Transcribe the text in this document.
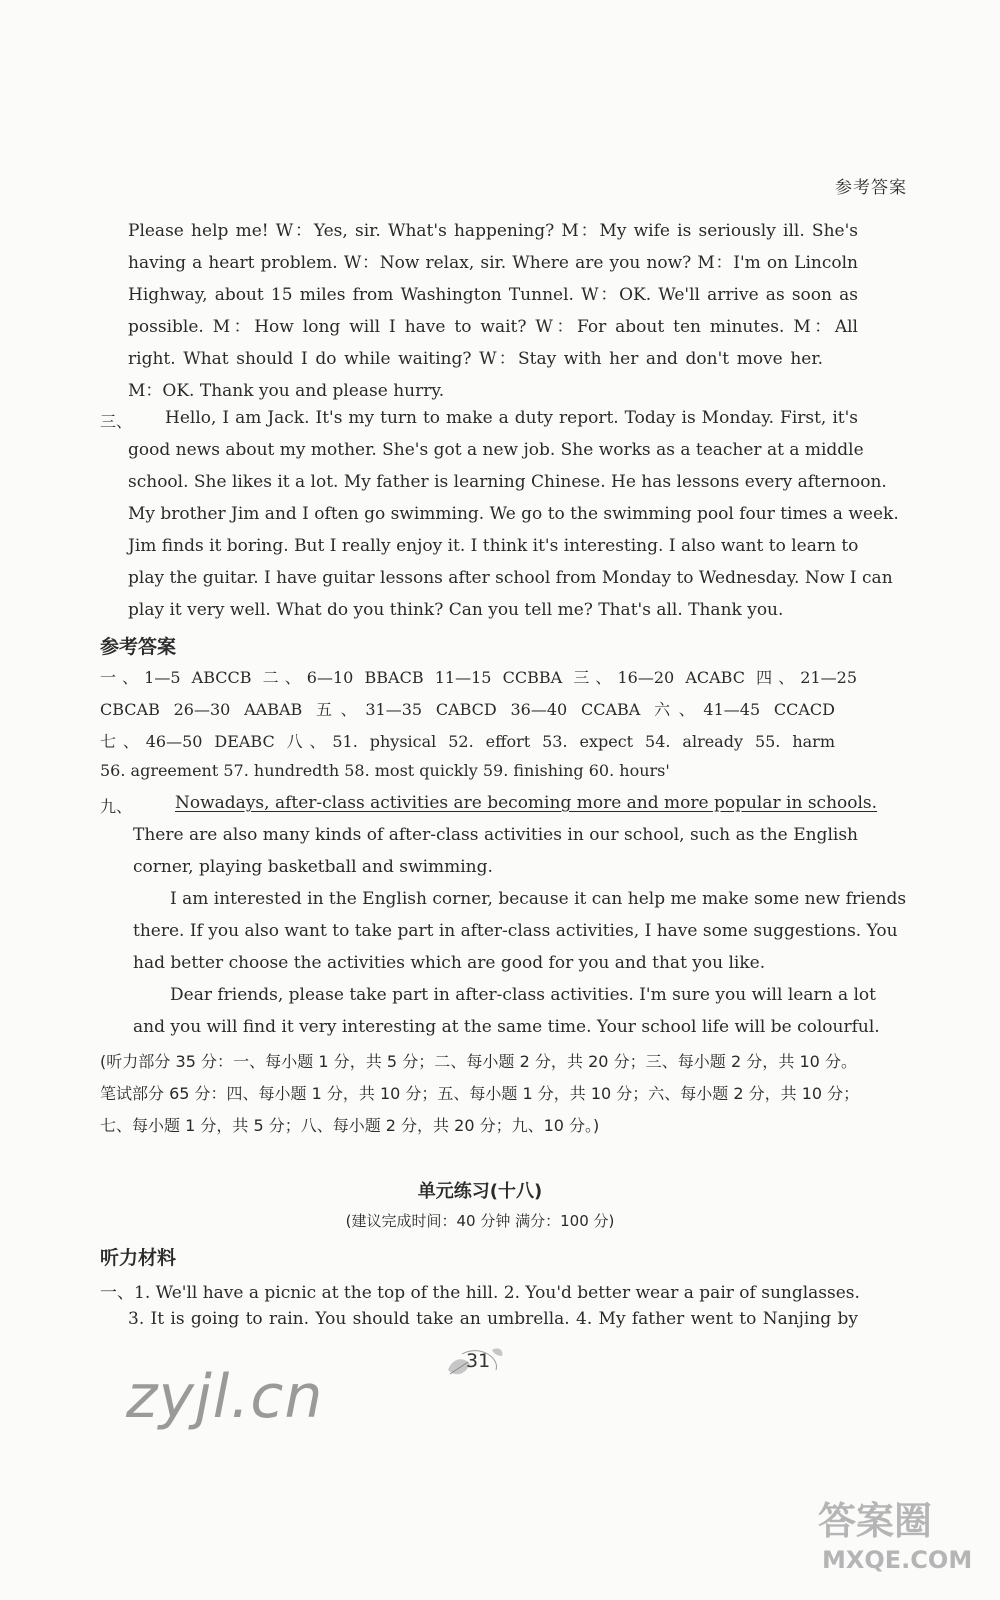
参考答案
Please help me! W：Yes, sir. What's happening? M：My wife is seriously ill. She's
having a heart problem. W：Now relax, sir. Where are you now? M：I'm on Lincoln
Highway, about 15 miles from Washington Tunnel. W：OK. We'll arrive as soon as
possible. M：How long will I have to wait? W：For about ten minutes. M：All
right. What should I do while waiting? W：Stay with her and don't move her.
M：OK. Thank you and please hurry.
三、 Hello, I am Jack. It's my turn to make a duty report. Today is Monday. First, it's
good news about my mother. She's got a new job. She works as a teacher at a middle
school. She likes it a lot. My father is learning Chinese. He has lessons every afternoon.
My brother Jim and I often go swimming. We go to the swimming pool four times a week.
Jim finds it boring. But I really enjoy it. I think it's interesting. I also want to learn to
play the guitar. I have guitar lessons after school from Monday to Wednesday. Now I can
play it very well. What do you think? Can you tell me? That's all. Thank you.
参考答案
一、1—5 ABCCB 二、6—10 BBACB 11—15 CCBBA 三、16—20 ACABC 四、21—25
CBCAB 26—30 AABAB 五、31—35 CABCD 36—40 CCABA 六、41—45 CCACD
七、46—50 DEABC 八、51. physical 52. effort 53. expect 54. already 55. harm
56. agreement 57. hundredth 58. most quickly 59. finishing 60. hours'
九、	Nowadays, after-class activities are becoming more and more popular in schools.
There are also many kinds of after-class activities in our school, such as the English
corner, playing basketball and swimming.
I am interested in the English corner, because it can help me make some new friends
there. If you also want to take part in after-class activities, I have some suggestions. You
had better choose the activities which are good for you and that you like.
Dear friends, please take part in after-class activities. I'm sure you will learn a lot
and you will find it very interesting at the same time. Your school life will be colourful.
(听力部分 35 分：一、每小题 1 分，共 5 分；二、每小题 2 分，共 20 分；三、每小题 2 分，共 10 分。
笔试部分 65 分：四、每小题 1 分，共 10 分；五、每小题 1 分，共 10 分；六、每小题 2 分，共 10 分；
七、每小题 1 分，共 5 分；八、每小题 2 分，共 20 分；九、10 分。)
单元练习(十八)
(建议完成时间：40 分钟 满分：100 分)
听力材料
一、1. We'll have a picnic at the top of the hill. 2. You'd better wear a pair of sunglasses.
3. It is going to rain. You should take an umbrella. 4. My father went to Nanjing by
31
zyjl.cn
答案圈
MXQE.COM
